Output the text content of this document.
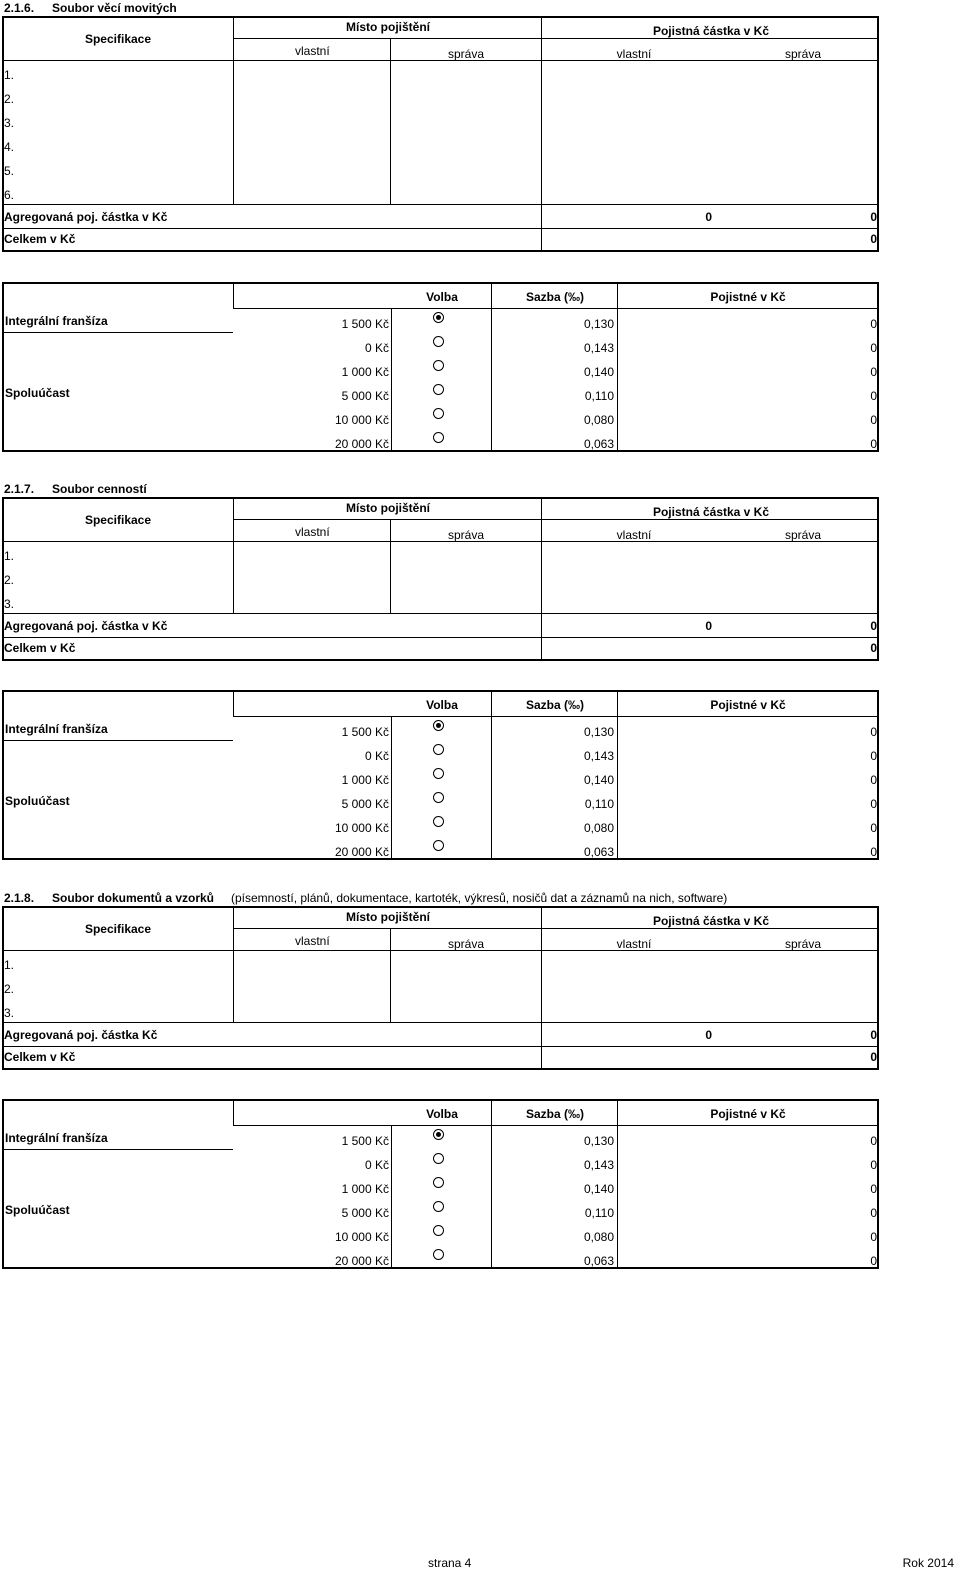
2.1.6. Soubor věcí movitých
Specifikace
Místo pojištění
vlastní	správa
Pojistná částka v Kč
vlastní	správa
1.
2.
3.
4.
5.
6.
Agregovaná poj. částka v Kč	0	0
Celkem v Kč	0
Volba	Sazba (‰)	Pojistné v Kč
Integrální franšíza
Spoluúčast
1 500 Kč	0,130	0
0 Kč	0,143	0
1 000 Kč	0,140	0
5 000 Kč	0,110	0
10 000 Kč	0,080	0
20 000 Kč	0,063	0
2.1.7. Soubor cenností
Specifikace
Místo pojištění
vlastní	správa
Pojistná částka v Kč
vlastní	správa
1.
2.
3.
Agregovaná poj. částka v Kč	0	0
Celkem v Kč	0
Volba	Sazba (‰)	Pojistné v Kč
Integrální franšíza
Spoluúčast
1 500 Kč	0,130	0
0 Kč	0,143	0
1 000 Kč	0,140	0
5 000 Kč	0,110	0
10 000 Kč	0,080	0
20 000 Kč	0,063	0
2.1.8. Soubor dokumentů a vzorků (písemností, plánů, dokumentace, kartoték, výkresů, nosičů dat a záznamů na nich, software)
Specifikace
Místo pojištění
vlastní	správa
Pojistná částka v Kč
vlastní	správa
1.
2.
3.
Agregovaná poj. částka Kč	0	0
Celkem v Kč	0
Volba	Sazba (‰)	Pojistné v Kč
Integrální franšíza
Spoluúčast
1 500 Kč	0,130	0
0 Kč	0,143	0
1 000 Kč	0,140	0
5 000 Kč	0,110	0
10 000 Kč	0,080	0
20 000 Kč	0,063	0
strana 4	Rok 2014
